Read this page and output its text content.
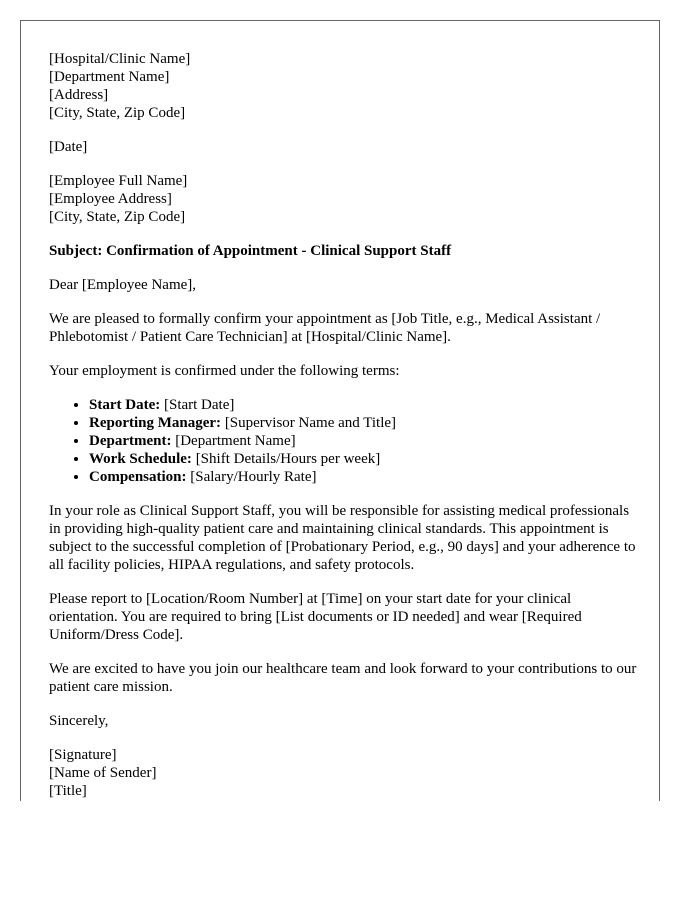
[Hospital/Clinic Name]
[Department Name]
[Address]
[City, State, Zip Code]
[Date]
[Employee Full Name]
[Employee Address]
[City, State, Zip Code]
Subject: Confirmation of Appointment - Clinical Support Staff

Dear [Employee Name],

We are pleased to formally confirm your appointment as [Job Title, e.g., Medical Assistant / Phlebotomist / Patient Care Technician] at [Hospital/Clinic Name].

Your employment is confirmed under the following terms:

• Start Date: [Start Date]
• Reporting Manager: [Supervisor Name and Title]
• Department: [Department Name]
• Work Schedule: [Shift Details/Hours per week]
• Compensation: [Salary/Hourly Rate]

In your role as Clinical Support Staff, you will be responsible for assisting medical professionals in providing high-quality patient care and maintaining clinical standards. This appointment is subject to the successful completion of [Probationary Period, e.g., 90 days] and your adherence to all facility policies, HIPAA regulations, and safety protocols.

Please report to [Location/Room Number] at [Time] on your start date for your clinical orientation. You are required to bring [List documents or ID needed] and wear [Required Uniform/Dress Code].

We are excited to have you join our healthcare team and look forward to your contributions to our patient care mission.

Sincerely,

[Signature]
[Name of Sender]
[Title]
